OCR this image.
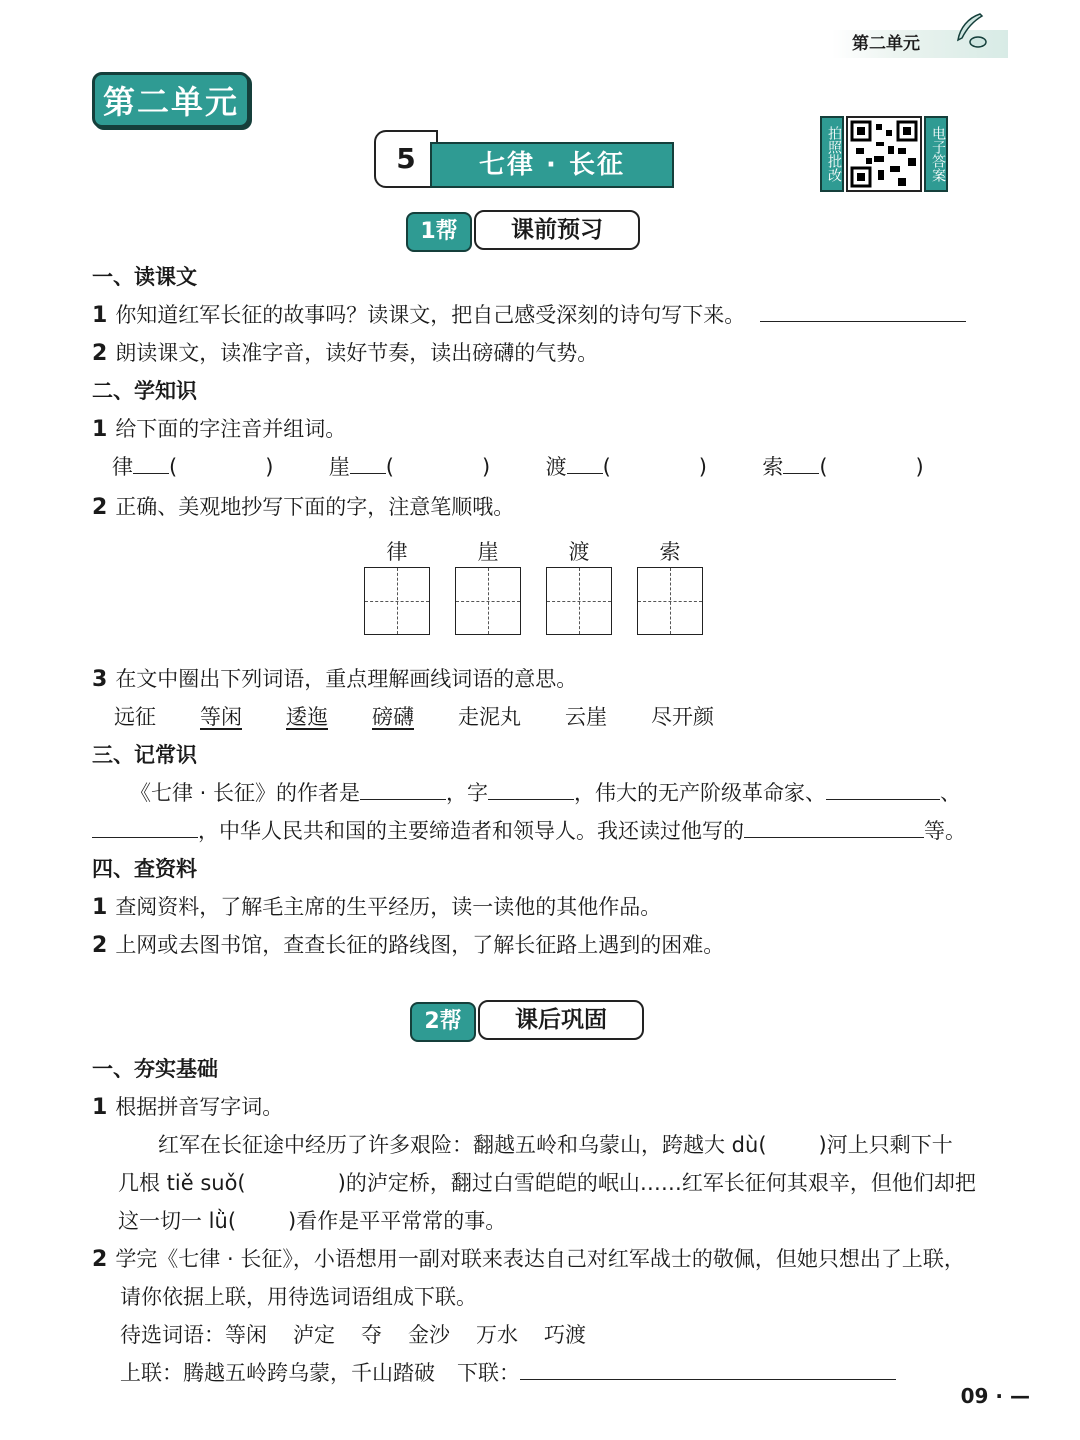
第二单元
第二单元
5	七律 · 长征	拍照批改	电子答案
1帮	课前预习
一、读课文
1 你知道红军长征的故事吗？读课文，把自己感受深刻的诗句写下来。
2 朗读课文，读准字音，读好节奏，读出磅礴的气势。
二、学知识
1 给下面的字注音并组词。
律 (	)	崖 (	)	渡 (	)	索 (	)
2 正确、美观地抄写下面的字，注意笔顺哦。
律	崖	渡	索
3 在文中圈出下列词语，重点理解画线词语的意思。
远征 等闲 逶迤 磅礴 走泥丸 云崖 尽开颜
三、记常识
《七律 · 长征》的作者是	，字	，伟大的无产阶级革命家、	、
，中华人民共和国的主要缔造者和领导人。我还读过他写的	等。
四、查资料
1 查阅资料，了解毛主席的生平经历，读一读他的其他作品。
2 上网或去图书馆，查查长征的路线图，了解长征路上遇到的困难。
2帮	课后巩固
一、夯实基础
1 根据拼音写字词。
红军在长征途中经历了许多艰险：翻越五岭和乌蒙山，跨越大 dù( )河上只剩下十
几根 tiě suǒ(	)的泸定桥，翻过白雪皑皑的岷山……红军长征何其艰辛，但他们却把
这一切一 lǜ( )看作是平平常常的事。
2 学完《七律 · 长征》，小语想用一副对联来表达自己对红军战士的敬佩，但她只想出了上联，
请你依据上联，用待选词语组成下联。
待选词语：等闲 泸定 夺 金沙 万水 巧渡
上联：腾越五岭跨乌蒙，千山踏破 下联：
09 · —
